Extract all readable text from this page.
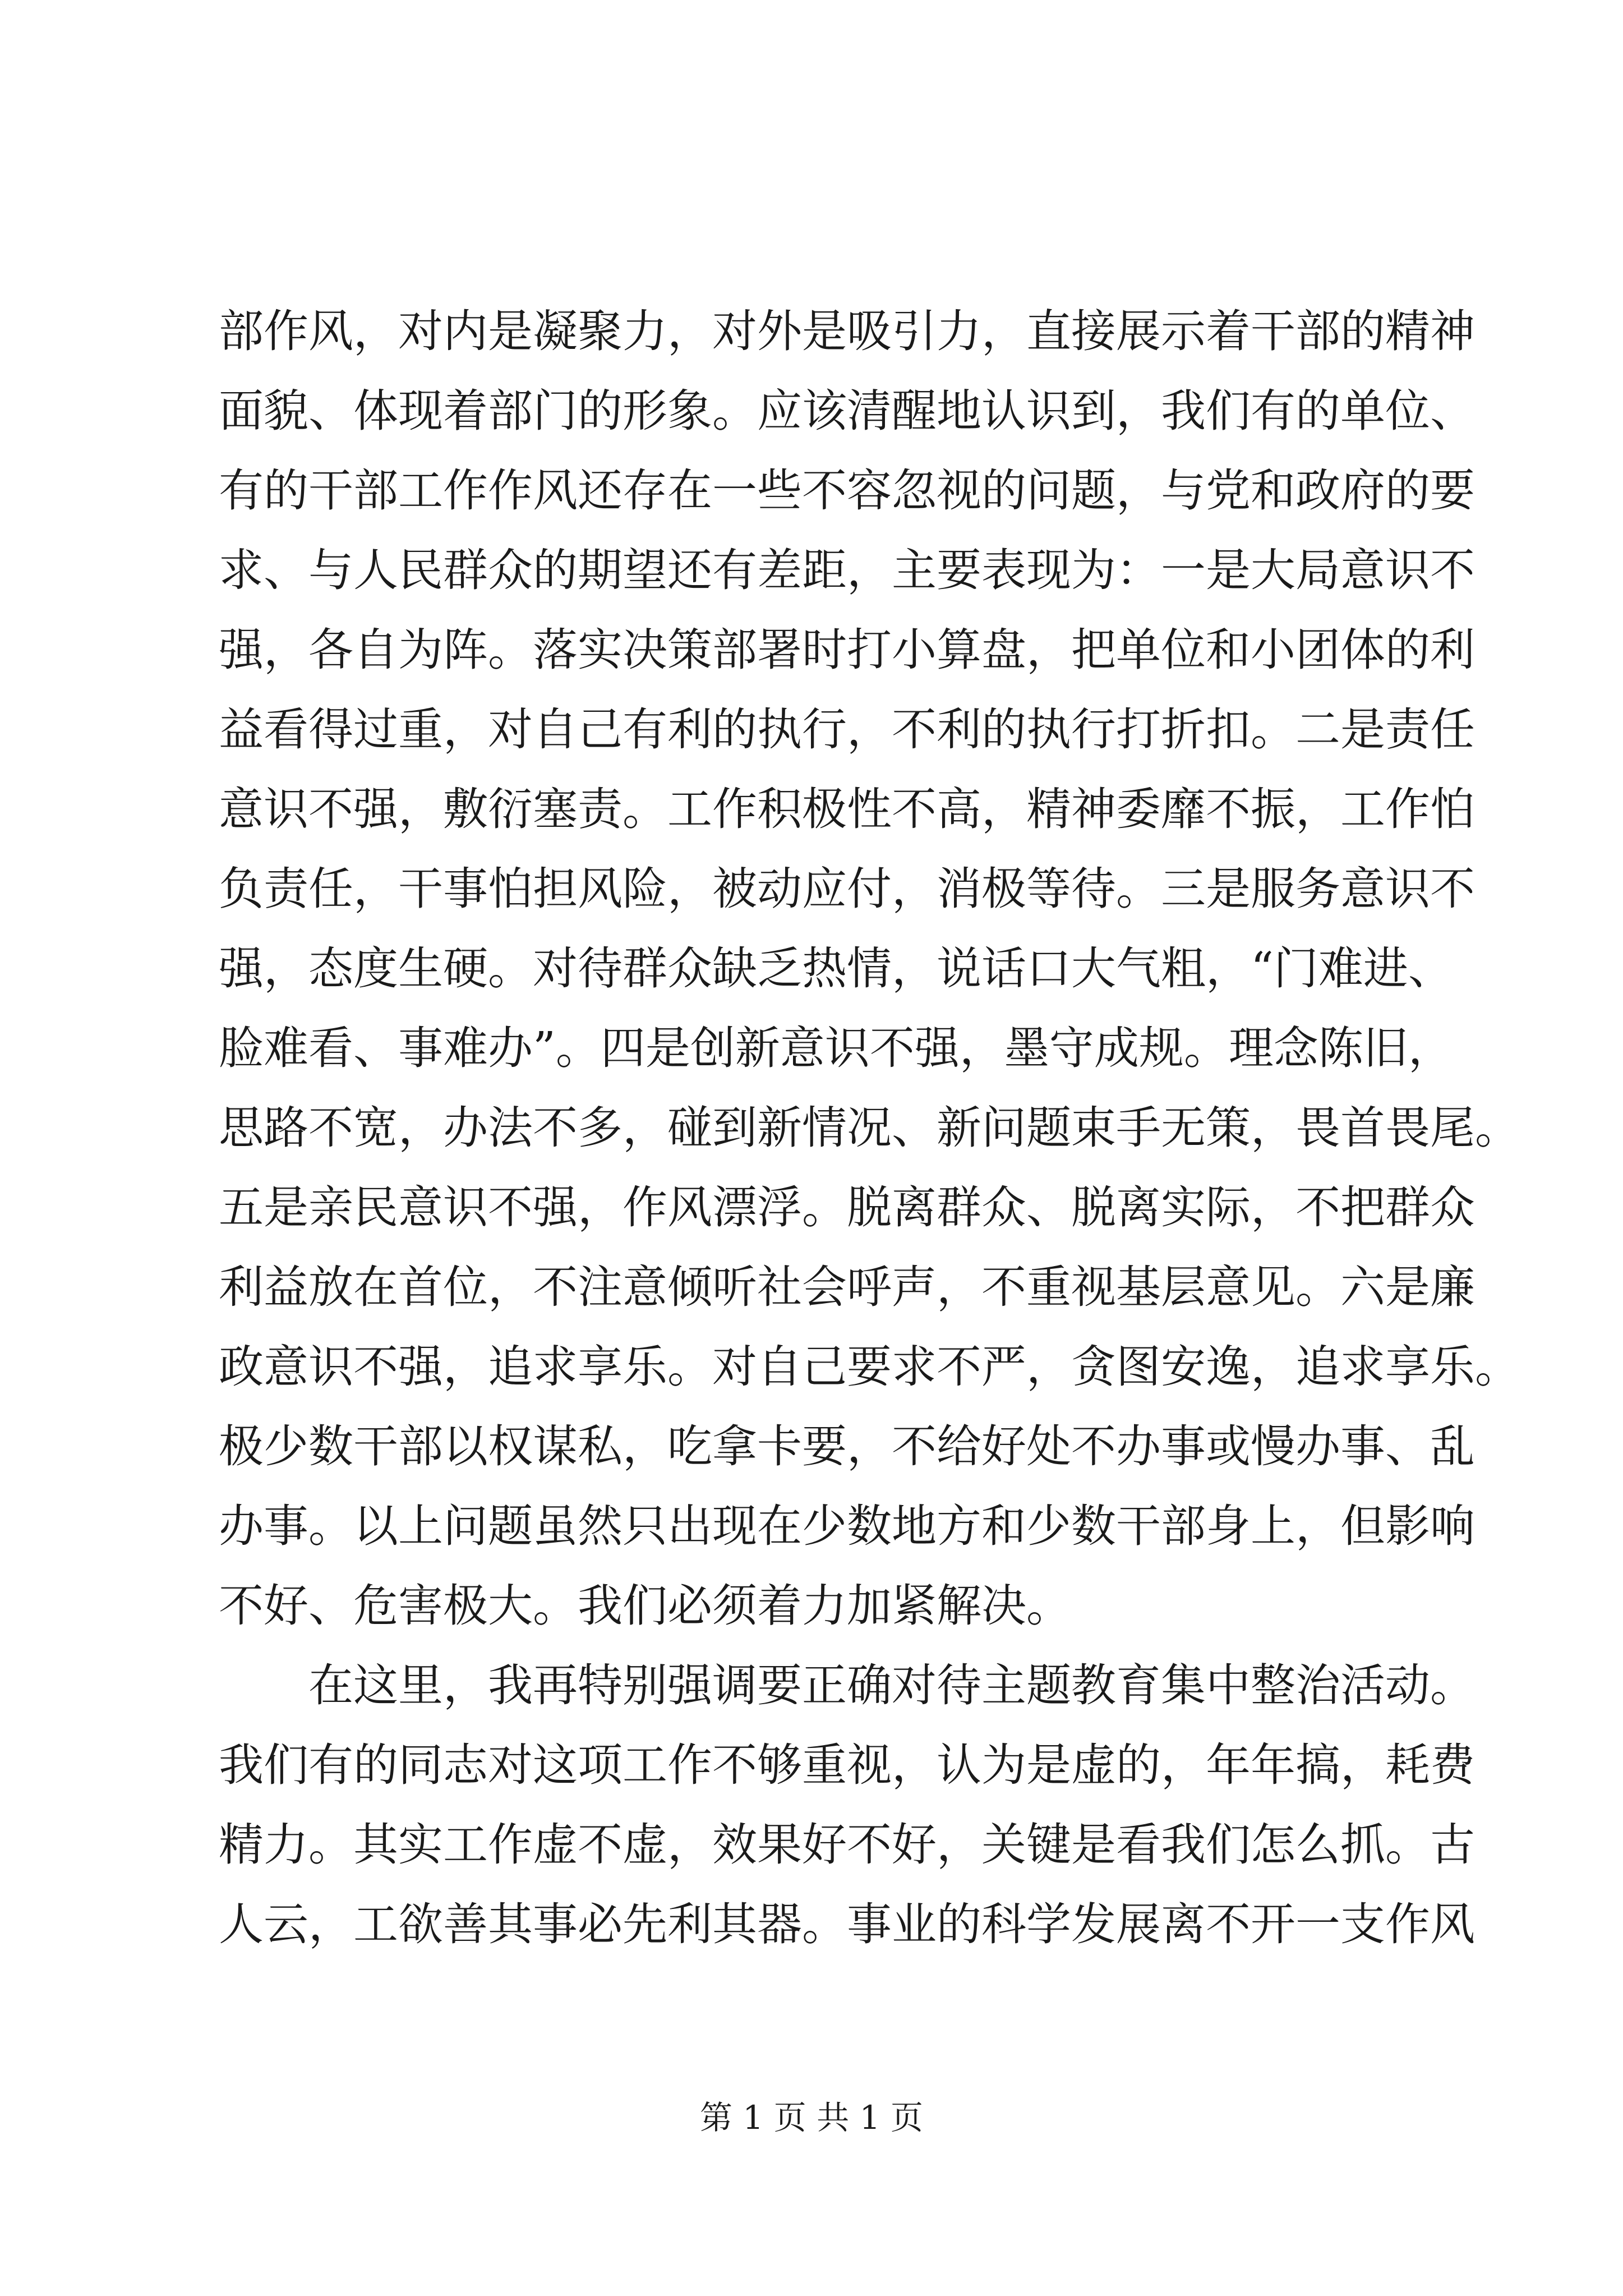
部作风，对内是凝聚力，对外是吸引力，直接展示着干部的精神
面貌、体现着部门的形象。应该清醒地认识到，我们有的单位、
有的干部工作作风还存在一些不容忽视的问题，与党和政府的要
求、与人民群众的期望还有差距，主要表现为：一是大局意识不
强，各自为阵。落实决策部署时打小算盘，把单位和小团体的利
益看得过重，对自己有利的执行，不利的执行打折扣。二是责任
意识不强，敷衍塞责。工作积极性不高，精神委靡不振，工作怕
负责任，干事怕担风险，被动应付，消极等待。三是服务意识不
强，态度生硬。对待群众缺乏热情，说话口大气粗，“门难进、
脸难看、事难办”。四是创新意识不强，墨守成规。理念陈旧，
思路不宽，办法不多，碰到新情况、新问题束手无策，畏首畏尾。
五是亲民意识不强，作风漂浮。脱离群众、脱离实际，不把群众
利益放在首位，不注意倾听社会呼声，不重视基层意见。六是廉
政意识不强，追求享乐。对自己要求不严，贪图安逸，追求享乐。
极少数干部以权谋私，吃拿卡要，不给好处不办事或慢办事、乱
办事。以上问题虽然只出现在少数地方和少数干部身上，但影响
不好、危害极大。我们必须着力加紧解决。
在这里，我再特别强调要正确对待主题教育集中整治活动。
我们有的同志对这项工作不够重视，认为是虚的，年年搞，耗费
精力。其实工作虚不虚，效果好不好，关键是看我们怎么抓。古
人云，工欲善其事必先利其器。事业的科学发展离不开一支作风
第 1 页 共 1 页
